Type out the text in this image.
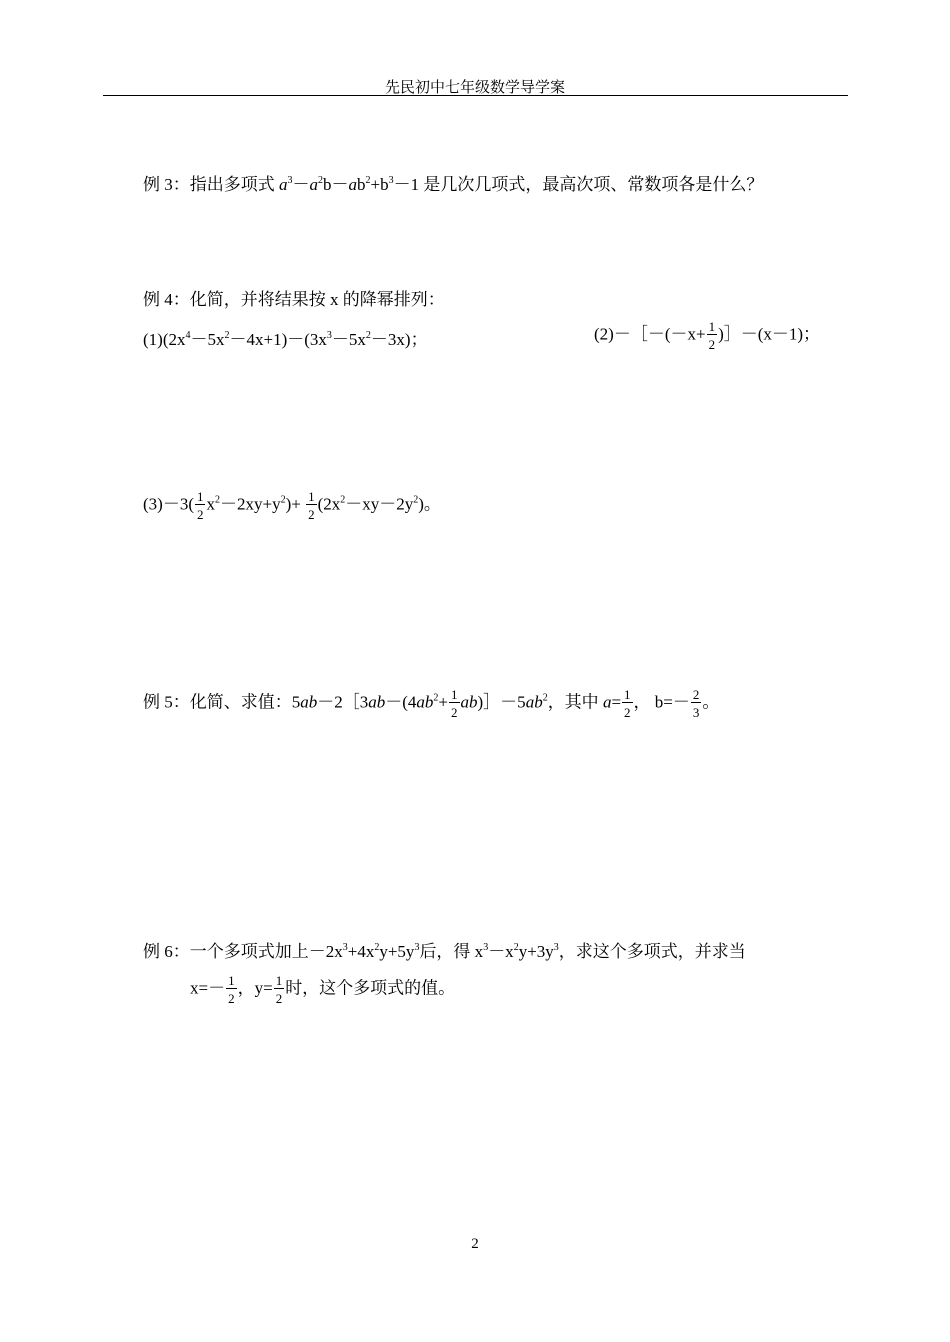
先民初中七年级数学导学案
例 3：指出多项式 $a^3-a^2b-ab^2+b^3-1$ 是几次几项式，最高次项、常数项各是什么？
例 4：化简，并将结果按 x 的降幂排列：
$(1)(2x^4-5x^2-4x+1)-(3x^3-5x^2-3x)$；	(2)－［－(－x+ $\frac{1}{2}$ )］－(x－1)；
$(3)-3( \frac{1}{2} x^2-2xy+y^2)+ \frac{1}{2} (2x^2-xy-2y^2)$。
例 5：化简、求值：$5ab-2[3ab-(4ab^2+ \frac{1}{2}$ $ab)]-5ab^2$，其中 $a= \frac{1}{2}$ ， $b=- \frac{2}{3}$ 。
例 6：一个多项式加上$-2x^3+4x^2y+5y^3$后，得 $x^3-x^2y+3y^3$，求这个多项式，并求当
$x=- \frac{1}{2}$ ，$y= \frac{1}{2}$ 时，这个多项式的值。
2
